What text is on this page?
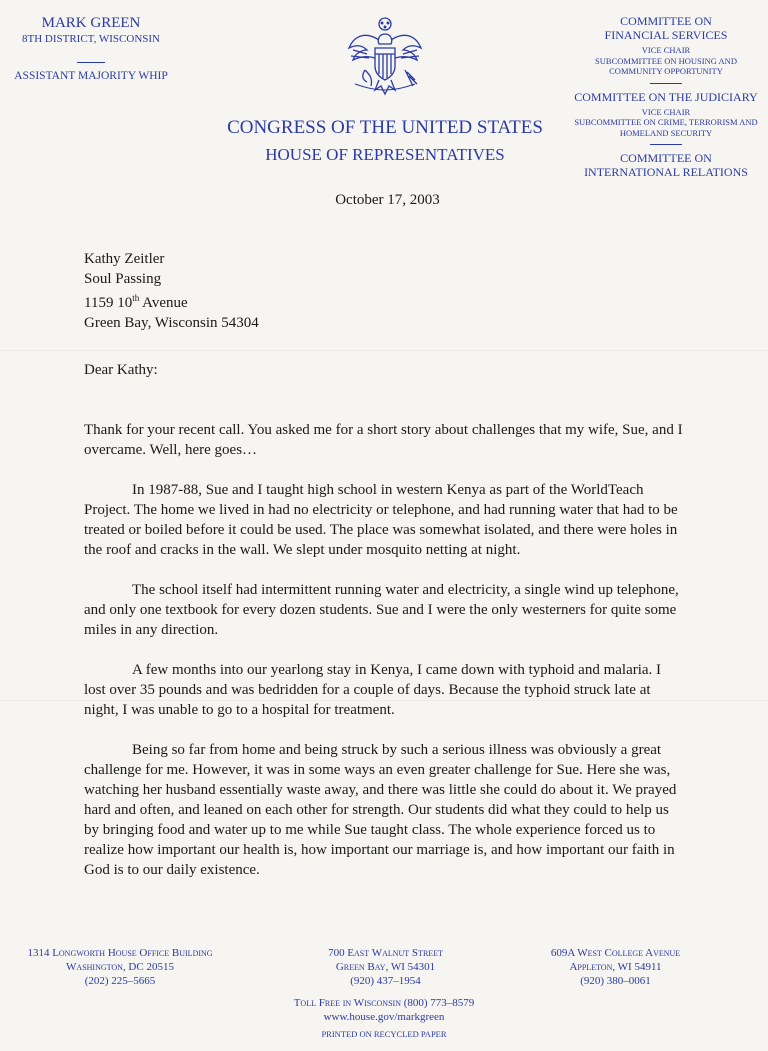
MARK GREEN
8TH DISTRICT, WISCONSIN
ASSISTANT MAJORITY WHIP
CONGRESS OF THE UNITED STATES
HOUSE OF REPRESENTATIVES
COMMITTEE ON
FINANCIAL SERVICES
VICE CHAIR
SUBCOMMITTEE ON HOUSING AND
COMMUNITY OPPORTUNITY
COMMITTEE ON THE JUDICIARY
VICE CHAIR
SUBCOMMITTEE ON CRIME, TERRORISM AND
HOMELAND SECURITY
COMMITTEE ON
INTERNATIONAL RELATIONS
October 17, 2003
Kathy Zeitler
Soul Passing
1159 10th Avenue
Green Bay, Wisconsin 54304
Dear Kathy:

Thank for your recent call. You asked me for a short story about challenges that my wife, Sue, and I overcame. Well, here goes…

In 1987-88, Sue and I taught high school in western Kenya as part of the WorldTeach Project. The home we lived in had no electricity or telephone, and had running water that had to be treated or boiled before it could be used. The place was somewhat isolated, and there were holes in the roof and cracks in the wall. We slept under mosquito netting at night.

The school itself had intermittent running water and electricity, a single wind up telephone, and only one textbook for every dozen students. Sue and I were the only westerners for quite some miles in any direction.

A few months into our yearlong stay in Kenya, I came down with typhoid and malaria. I lost over 35 pounds and was bedridden for a couple of days. Because the typhoid struck late at night, I was unable to go to a hospital for treatment.

Being so far from home and being struck by such a serious illness was obviously a great challenge for me. However, it was in some ways an even greater challenge for Sue. Here she was, watching her husband essentially waste away, and there was little she could do about it. We prayed hard and often, and leaned on each other for strength. Our students did what they could to help us by bringing food and water up to me while Sue taught class. The whole experience forced us to realize how important our health is, how important our marriage is, and how important our faith in God is to our daily existence.

1314 Longworth House Office Building
Washington, DC 20515
(202) 225–5665
700 East Walnut Street
Green Bay, WI 54301
(920) 437–1954
609A West College Avenue
Appleton, WI 54911
(920) 380–0061
Toll Free in Wisconsin (800) 773–8579
www.house.gov/markgreen
PRINTED ON RECYCLED PAPER
